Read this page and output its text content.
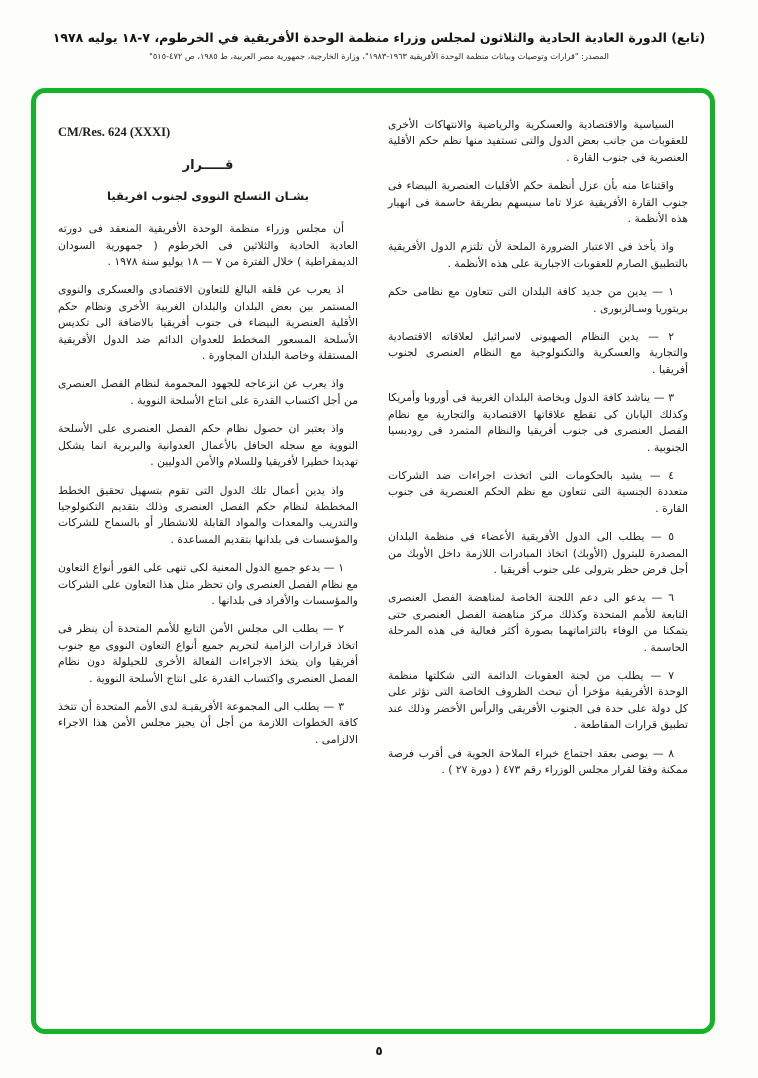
(تابع) الدورة العادية الحادية والثلاثون لمجلس وزراء منظمة الوحدة الأفريقية في الخرطوم، ٧-١٨ يوليه ١٩٧٨
المصدر: "قرارات وتوصيات وبيانات منظمة الوحدة الأفريقية ١٩٦٣-١٩٨٣"، وزارة الخارجية، جمهورية مصر العربية، ط ١٩٨٥، ص ٤٧٢-٥١٥"

السياسية والاقتصادية والعسكرية والرياضية والانتهاكات الأخرى للعقوبات من جانب بعض الدول والتى تستفيد منها نظم حكم الأقلية العنصرية فى جنوب القارة .

واقتناعا منه بأن عزل أنظمة حكم الأقليات العنصرية البيضاء فى جنوب القارة الأفريقية عزلا تاما سيسهم بطريقة حاسمة فى انهيار هذه الأنظمة .

واذ يأخذ فى الاعتبار الضرورة الملحة لأن تلتزم الدول الأفريقية بالتطبيق الصارم للعقوبات الاجبارية على هذه الأنظمة .

١ — يدين من جديد كافة البلدان التى تتعاون مع نظامى حكم بريتوريا وسـالزبورى .

٢ — يدين النظام الصهيونى لاسرائيل لعلاقاته الاقتصادية والتجارية والعسكرية والتكنولوجية مع النظام العنصرى لجنوب أفريقيا .

٣ — يناشد كافة الدول وبخاصة البلدان الغربية فى أوروبا وأمريكا وكذلك اليابان كى تقطع علاقاتها الاقتصادية والتجارية مع نظام الفصل العنصرى فى جنوب أفريقيا والنظام المتمرد فى روديسيا الجنوبية .

٤ — يشيد بالحكومات التى اتخذت اجراءات ضد الشركات متعددة الجنسية التى تتعاون مع نظم الحكم العنصرية فى جنوب القارة .

٥ — يطلب الى الدول الأفريقية الأعضاء فى منظمة البلدان المصدرة للبترول (الأوبك) اتخاذ المبادرات اللازمة داخل الأوبك من أجل فرض حظر بترولى على جنوب أفريقيا .

٦ — يدعو الى دعم اللجنة الخاصة لمناهضة الفصل العنصرى التابعة للأمم المتحدة وكذلك مركز مناهضة الفصل العنصرى حتى يتمكنا من الوفاء بالتزاماتهما بصورة أكثر فعالية فى هذه المرحلة الحاسمة .

٧ — يطلب من لجنة العقوبات الدائمة التى شكلتها منظمة الوحدة الأفريقية مؤخرا أن تبحث الظروف الخاصة التى تؤثر على كل دولة على حدة فى الجنوب الأفريقى والرأس الأخضر وذلك عند تطبيق قرارات المقاطعة .

٨ — يوصى بعقد اجتماع خبراء الملاحة الجوية فى أقرب فرصة ممكنة وفقا لقرار مجلس الوزراء رقم ٤٧٣ ( دورة ٢٧ ) .

CM/Res. 624 (XXXI)
قـــــرار
بشـان التسلح النووى لجنوب افريقيا

أن مجلس وزراء منظمة الوحدة الأفريقية المنعقد فى دورته العادية الحادية والثلاثين فى الخرطوم ( جمهورية السودان الديمقراطية ) خلال الفترة من ٧ — ١٨ يوليو سنة ١٩٧٨ .

اذ يعرب عن قلقه البالغ للتعاون الاقتصادى والعسكرى والنووى المستمر بين بعض البلدان والبلدان الغربية الأخرى ونظام حكم الأقلية العنصرية البيضاء فى جنوب أفريقيا بالاضافة الى تكديس الأسلحة المسعور المخطط للعدوان الدائم ضد الدول الأفريقية المستقلة وخاصة البلدان المجاورة .

واذ يعرب عن انزعاجه للجهود المحمومة لنظام الفصل العنصرى من أجل اكتساب القدرة على انتاج الأسلحة النووية .

واذ يعتبر ان حصول نظام حكم الفصل العنصرى على الأسلحة النووية مع سجله الحافل بالأعمال العدوانية والبربرية انما يشكل تهديدا خطيرا لأفريقيا وللسلام والأمن الدوليين .

واذ يدين أعمال تلك الدول التى تقوم بتسهيل تحقيق الخطط المخططة لنظام حكم الفصل العنصرى وذلك بتقديم التكنولوجيا والتدريب والمعدات والمواد القابلة للانشطار أو بالسماح للشركات والمؤسسات فى بلدانها بتقديم المساعدة .

١ — يدعو جميع الدول المعنية لكى تنهى على الفور أنواع التعاون مع نظام الفصل العنصرى وان تحظر مثل هذا التعاون على الشركات والمؤسسات والأفراد فى بلدانها .

٢ — يطلب الى مجلس الأمن التابع للأمم المتحدة أن ينظر فى اتخاذ قرارات الزامية لتحريم جميع أنواع التعاون النووى مع جنوب أفريقيا وان يتخذ الاجراءات الفعالة الأخرى للحيلولة دون نظام الفصل العنصرى واكتساب القدرة على انتاج الأسلحة النووية .

٣ — يطلب الى المجموعة الأفريقيـة لدى الأمم المتحدة أن تتخذ كافة الخطوات اللازمة من أجل أن يجيز مجلس الأمن هذا الاجراء الالزامى .

٥
